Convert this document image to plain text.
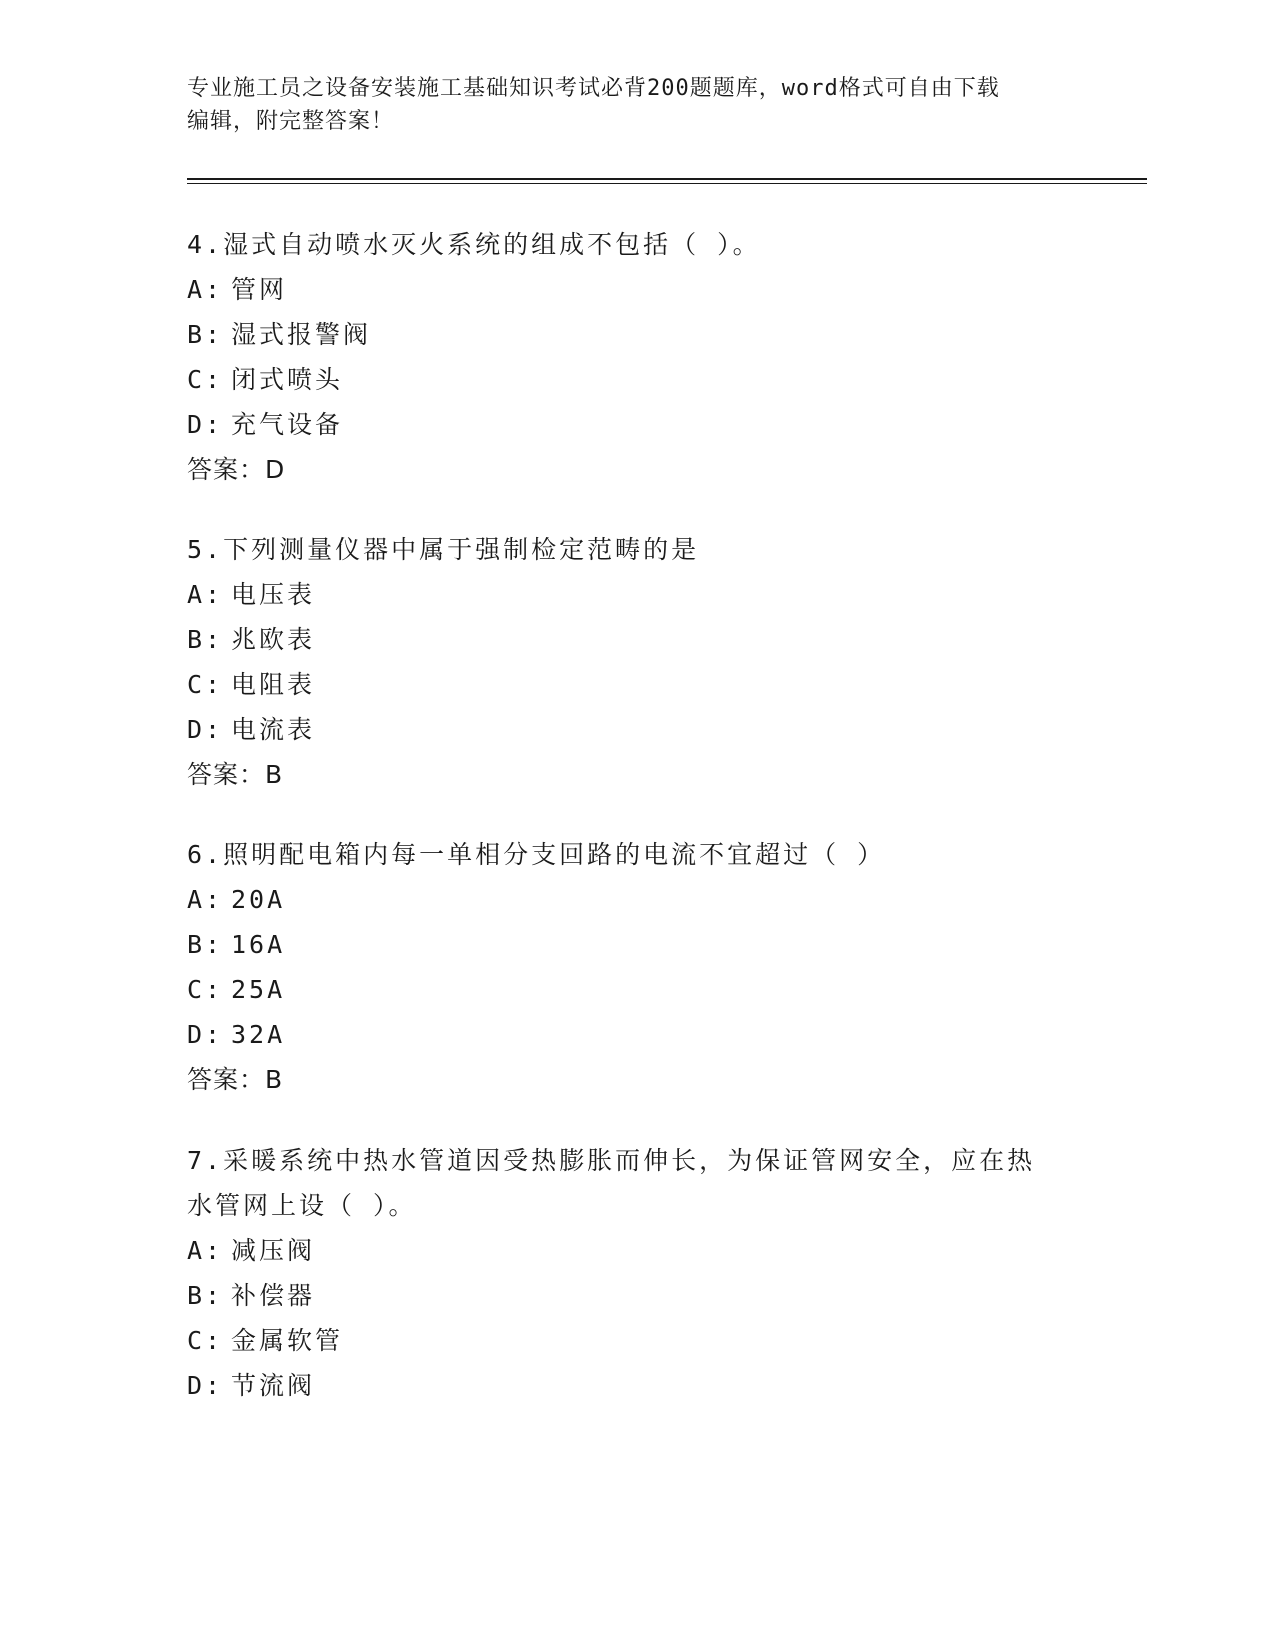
专业施工员之设备安装施工基础知识考试必背200题题库，word格式可自由下载
编辑，附完整答案！

4.湿式自动喷水灭火系统的组成不包括（ ）。

A: 管网

B: 湿式报警阀

C: 闭式喷头

D: 充气设备

答案：D

5.下列测量仪器中属于强制检定范畴的是

A: 电压表

B: 兆欧表

C: 电阻表

D: 电流表

答案：B

6.照明配电箱内每一单相分支回路的电流不宜超过（ ）

A: 20A

B: 16A

C: 25A

D: 32A

答案：B

7.采暖系统中热水管道因受热膨胀而伸长，为保证管网安全，应在热

水管网上设（ ）。

A: 减压阀

B: 补偿器

C: 金属软管

D: 节流阀
